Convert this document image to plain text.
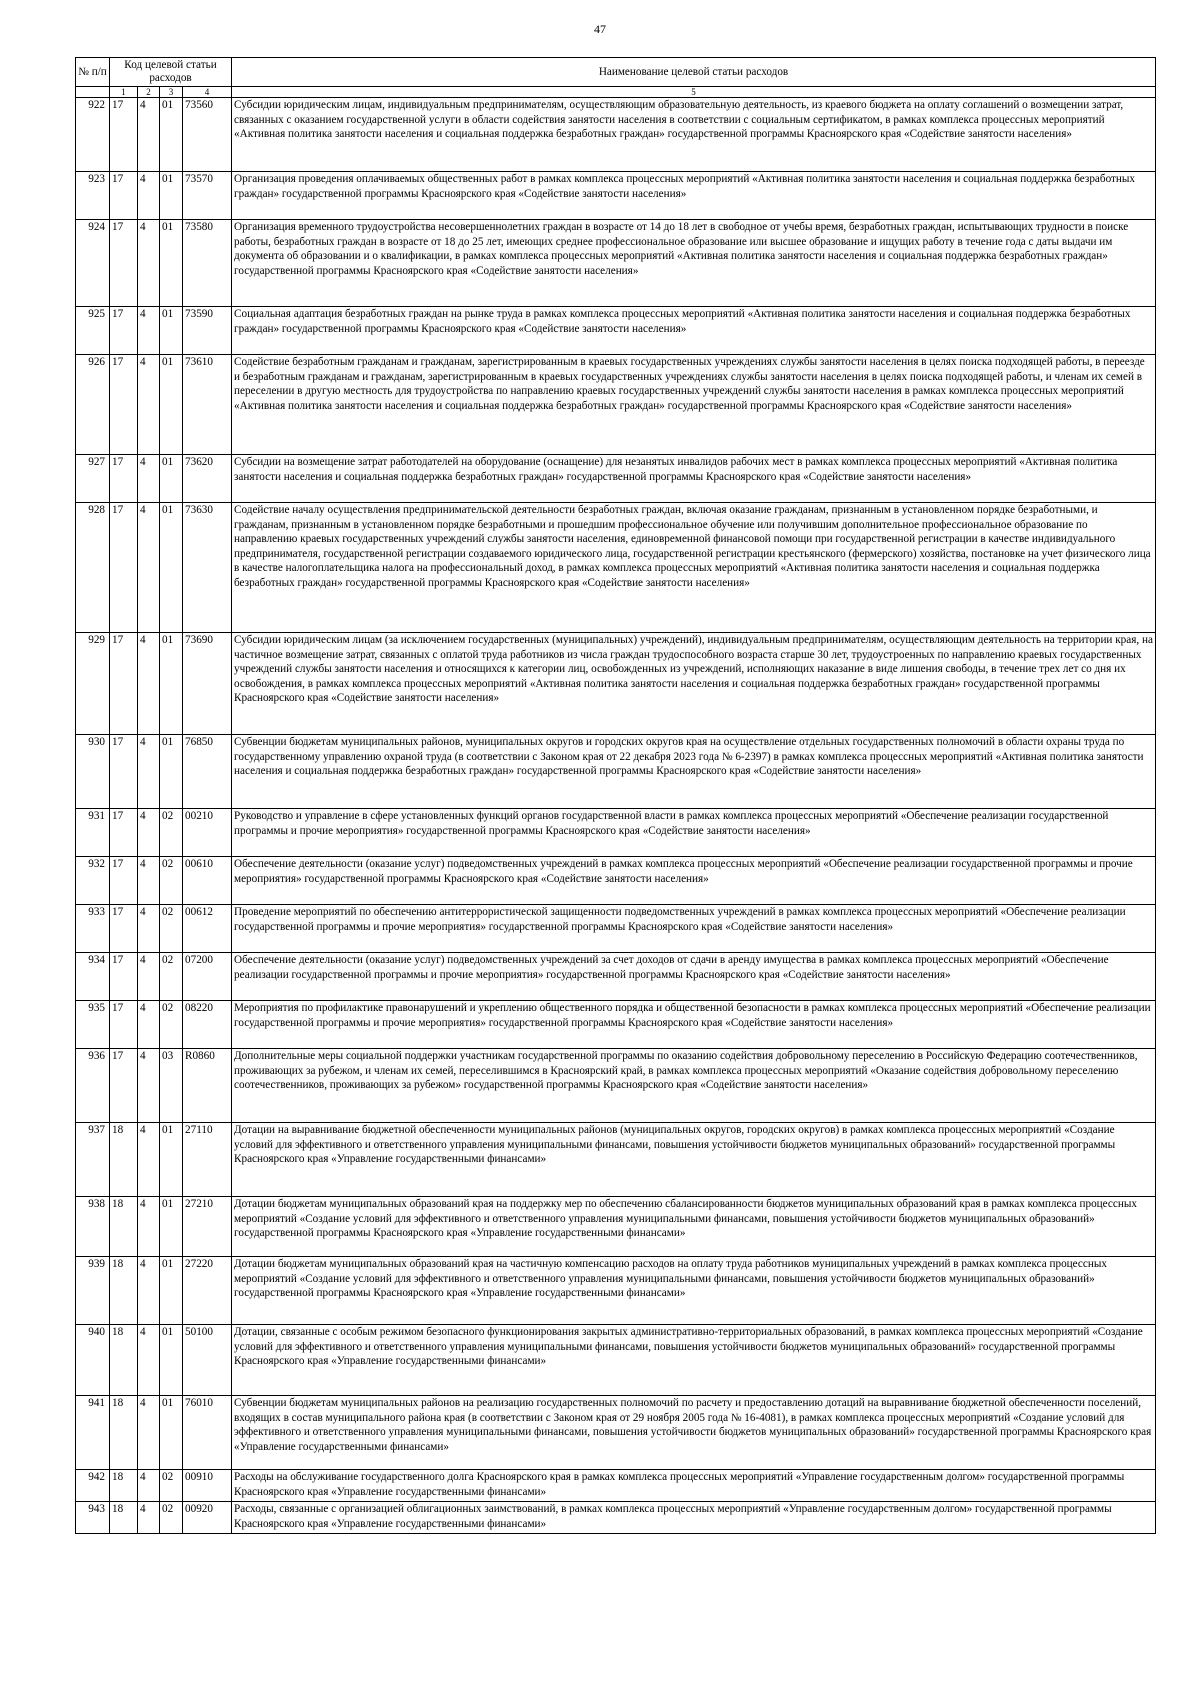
47
№ п/п	Код целевой статьи расходов				Наименование целевой статьи расходов
	1	2	3	4	5
922	17	4	01	73560	Субсидии юридическим лицам, индивидуальным предпринимателям, осуществляющим образовательную деятельность, из краевого бюджета на оплату соглашений о возмещении затрат, связанных с оказанием государственной услуги в области содействия занятости населения в соответствии с социальным сертификатом, в рамках комплекса процессных мероприятий «Активная политика занятости населения и социальная поддержка безработных граждан» государственной программы Красноярского края «Содействие занятости населения»
923	17	4	01	73570	Организация проведения оплачиваемых общественных работ в рамках комплекса процессных мероприятий «Активная политика занятости населения и социальная поддержка безработных граждан» государственной программы Красноярского края «Содействие занятости населения»
924	17	4	01	73580	Организация временного трудоустройства несовершеннолетних граждан в возрасте от 14 до 18 лет в свободное от учебы время, безработных граждан, испытывающих трудности в поиске работы, безработных граждан в возрасте от 18 до 25 лет, имеющих среднее профессиональное образование или высшее образование и ищущих работу в течение года с даты выдачи им документа об образовании и о квалификации, в рамках комплекса процессных мероприятий «Активная политика занятости населения и социальная поддержка безработных граждан» государственной программы Красноярского края «Содействие занятости населения»
925	17	4	01	73590	Социальная адаптация безработных граждан на рынке труда в рамках комплекса процессных мероприятий «Активная политика занятости населения и социальная поддержка безработных граждан» государственной программы Красноярского края «Содействие занятости населения»
926	17	4	01	73610	Содействие безработным гражданам и гражданам, зарегистрированным в краевых государственных учреждениях службы занятости населения в целях поиска подходящей работы, в переезде и безработным гражданам и гражданам, зарегистрированным в краевых государственных учреждениях службы занятости населения в целях поиска подходящей работы, и членам их семей в переселении в другую местность для трудоустройства по направлению краевых государственных учреждений службы занятости населения в рамках комплекса процессных мероприятий «Активная политика занятости населения и социальная поддержка безработных граждан» государственной программы Красноярского края «Содействие занятости населения»
927	17	4	01	73620	Субсидии на возмещение затрат работодателей на оборудование (оснащение) для незанятых инвалидов рабочих мест в рамках комплекса процессных мероприятий «Активная политика занятости населения и социальная поддержка безработных граждан» государственной программы Красноярского края «Содействие занятости населения»
928	17	4	01	73630	Содействие началу осуществления предпринимательской деятельности безработных граждан, включая оказание гражданам, признанным в установленном порядке безработными, и гражданам, признанным в установленном порядке безработными и прошедшим профессиональное обучение или получившим дополнительное профессиональное образование по направлению краевых государственных учреждений службы занятости населения, единовременной финансовой помощи при государственной регистрации в качестве индивидуального предпринимателя, государственной регистрации создаваемого юридического лица, государственной регистрации крестьянского (фермерского) хозяйства, постановке на учет физического лица в качестве налогоплательщика налога на профессиональный доход, в рамках комплекса процессных мероприятий «Активная политика занятости населения и социальная поддержка безработных граждан» государственной программы Красноярского края «Содействие занятости населения»
929	17	4	01	73690	Субсидии юридическим лицам (за исключением государственных (муниципальных) учреждений), индивидуальным предпринимателям, осуществляющим деятельность на территории края, на частичное возмещение затрат, связанных с оплатой труда работников из числа граждан трудоспособного возраста старше 30 лет, трудоустроенных по направлению краевых государственных учреждений службы занятости населения и относящихся к категории лиц, освобожденных из учреждений, исполняющих наказание в виде лишения свободы, в течение трех лет со дня их освобождения, в рамках комплекса процессных мероприятий «Активная политика занятости населения и социальная поддержка безработных граждан» государственной программы Красноярского края «Содействие занятости населения»
930	17	4	01	76850	Субвенции бюджетам муниципальных районов, муниципальных округов и городских округов края на осуществление отдельных государственных полномочий в области охраны труда по государственному управлению охраной труда (в соответствии с Законом края от 22 декабря 2023 года № 6-2397) в рамках комплекса процессных мероприятий «Активная политика занятости населения и социальная поддержка безработных граждан» государственной программы Красноярского края «Содействие занятости населения»
931	17	4	02	00210	Руководство и управление в сфере установленных функций органов государственной власти в рамках комплекса процессных мероприятий «Обеспечение реализации государственной программы и прочие мероприятия» государственной программы Красноярского края «Содействие занятости населения»
932	17	4	02	00610	Обеспечение деятельности (оказание услуг) подведомственных учреждений в рамках комплекса процессных мероприятий «Обеспечение реализации государственной программы и прочие мероприятия» государственной программы Красноярского края «Содействие занятости населения»
933	17	4	02	00612	Проведение мероприятий по обеспечению антитеррористической защищенности подведомственных учреждений в рамках комплекса процессных мероприятий «Обеспечение реализации государственной программы и прочие мероприятия» государственной программы Красноярского края «Содействие занятости населения»
934	17	4	02	07200	Обеспечение деятельности (оказание услуг) подведомственных учреждений за счет доходов от сдачи в аренду имущества в рамках комплекса процессных мероприятий «Обеспечение реализации государственной программы и прочие мероприятия» государственной программы Красноярского края «Содействие занятости населения»
935	17	4	02	08220	Мероприятия по профилактике правонарушений и укреплению общественного порядка и общественной безопасности в рамках комплекса процессных мероприятий «Обеспечение реализации государственной программы и прочие мероприятия» государственной программы Красноярского края «Содействие занятости населения»
936	17	4	03	R0860	Дополнительные меры социальной поддержки участникам государственной программы по оказанию содействия добровольному переселению в Российскую Федерацию соотечественников, проживающих за рубежом, и членам их семей, переселившимся в Красноярский край, в рамках комплекса процессных мероприятий «Оказание содействия добровольному переселению соотечественников, проживающих за рубежом» государственной программы Красноярского края «Содействие занятости населения»
937	18	4	01	27110	Дотации на выравнивание бюджетной обеспеченности муниципальных районов (муниципальных округов, городских округов) в рамках комплекса процессных мероприятий «Создание условий для эффективного и ответственного управления муниципальными финансами, повышения устойчивости бюджетов муниципальных образований» государственной программы Красноярского края «Управление государственными финансами»
938	18	4	01	27210	Дотации бюджетам муниципальных образований края на поддержку мер по обеспечению сбалансированности бюджетов муниципальных образований края в рамках комплекса процессных мероприятий «Создание условий для эффективного и ответственного управления муниципальными финансами, повышения устойчивости бюджетов муниципальных образований» государственной программы Красноярского края «Управление государственными финансами»
939	18	4	01	27220	Дотации бюджетам муниципальных образований края на частичную компенсацию расходов на оплату труда работников муниципальных учреждений в рамках комплекса процессных мероприятий «Создание условий для эффективного и ответственного управления муниципальными финансами, повышения устойчивости бюджетов муниципальных образований» государственной программы Красноярского края «Управление государственными финансами»
940	18	4	01	50100	Дотации, связанные с особым режимом безопасного функционирования закрытых административно-территориальных образований, в рамках комплекса процессных мероприятий «Создание условий для эффективного и ответственного управления муниципальными финансами, повышения устойчивости бюджетов муниципальных образований» государственной программы Красноярского края «Управление государственными финансами»
941	18	4	01	76010	Субвенции бюджетам муниципальных районов на реализацию государственных полномочий по расчету и предоставлению дотаций на выравнивание бюджетной обеспеченности поселений, входящих в состав муниципального района края (в соответствии с Законом края от 29 ноября 2005 года № 16-4081), в рамках комплекса процессных мероприятий «Создание условий для эффективного и ответственного управления муниципальными финансами, повышения устойчивости бюджетов муниципальных образований» государственной программы Красноярского края «Управление государственными финансами»
942	18	4	02	00910	Расходы на обслуживание государственного долга Красноярского края в рамках комплекса процессных мероприятий «Управление государственным долгом» государственной программы Красноярского края «Управление государственными финансами»
943	18	4	02	00920	Расходы, связанные с организацией облигационных заимствований, в рамках комплекса процессных мероприятий «Управление государственным долгом» государственной программы Красноярского края «Управление государственными финансами»
